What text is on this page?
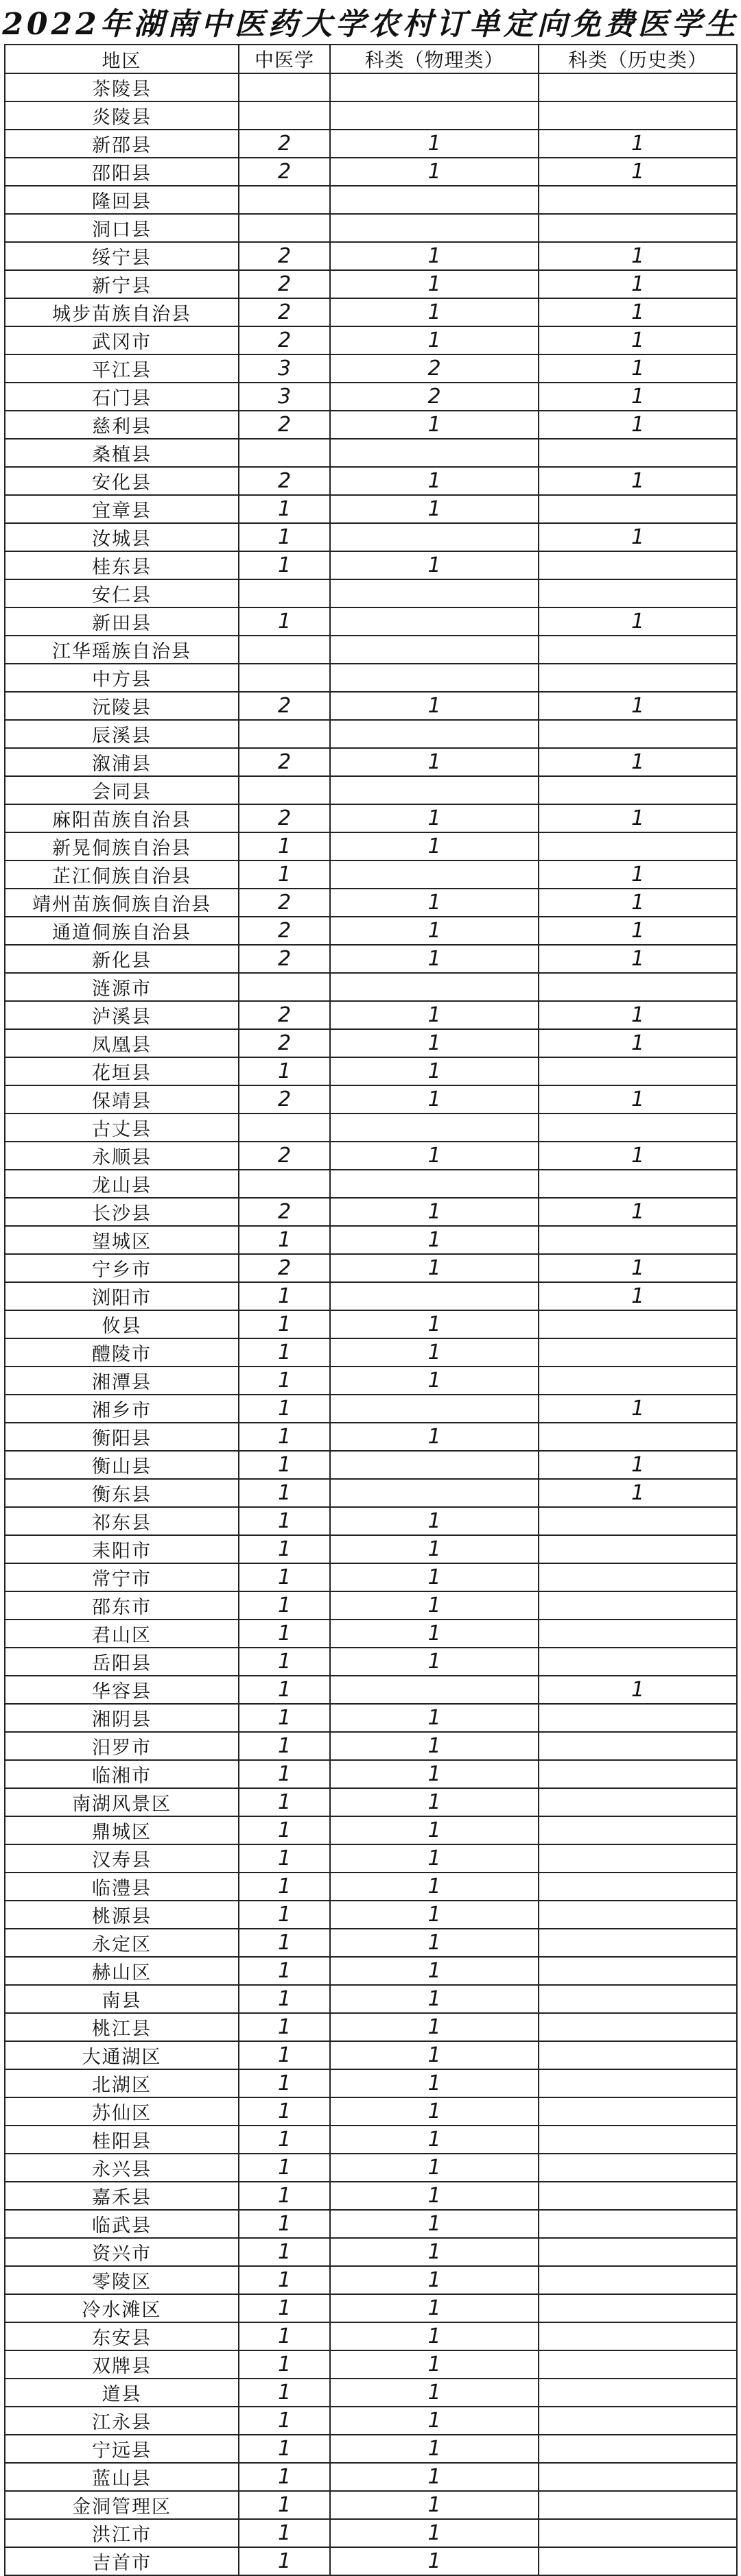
2022年湖南中医药大学农村订单定向免费医学生
地区	中医学	科类（物理类）	科类（历史类）
茶陵县			
炎陵县			
新邵县	2	1	1
邵阳县	2	1	1
隆回县			
洞口县			
绥宁县	2	1	1
新宁县	2	1	1
城步苗族自治县	2	1	1
武冈市	2	1	1
平江县	3	2	1
石门县	3	2	1
慈利县	2	1	1
桑植县			
安化县	2	1	1
宜章县	1	1	
汝城县	1		1
桂东县	1	1	
安仁县			
新田县	1		1
江华瑶族自治县			
中方县			
沅陵县	2	1	1
辰溪县			
溆浦县	2	1	1
会同县			
麻阳苗族自治县	2	1	1
新晃侗族自治县	1	1	
芷江侗族自治县	1		1
靖州苗族侗族自治县	2	1	1
通道侗族自治县	2	1	1
新化县	2	1	1
涟源市			
泸溪县	2	1	1
凤凰县	2	1	1
花垣县	1	1	
保靖县	2	1	1
古丈县			
永顺县	2	1	1
龙山县			
长沙县	2	1	1
望城区	1	1	
宁乡市	2	1	1
浏阳市	1		1
攸县	1	1	
醴陵市	1	1	
湘潭县	1	1	
湘乡市	1		1
衡阳县	1	1	
衡山县	1		1
衡东县	1		1
祁东县	1	1	
耒阳市	1	1	
常宁市	1	1	
邵东市	1	1	
君山区	1	1	
岳阳县	1	1	
华容县	1		1
湘阴县	1	1	
汨罗市	1	1	
临湘市	1	1	
南湖风景区	1	1	
鼎城区	1	1	
汉寿县	1	1	
临澧县	1	1	
桃源县	1	1	
永定区	1	1	
赫山区	1	1	
南县	1	1	
桃江县	1	1	
大通湖区	1	1	
北湖区	1	1	
苏仙区	1	1	
桂阳县	1	1	
永兴县	1	1	
嘉禾县	1	1	
临武县	1	1	
资兴市	1	1	
零陵区	1	1	
冷水滩区	1	1	
东安县	1	1	
双牌县	1	1	
道县	1	1	
江永县	1	1	
宁远县	1	1	
蓝山县	1	1	
金洞管理区	1	1	
洪江市	1	1	
吉首市	1	1	
